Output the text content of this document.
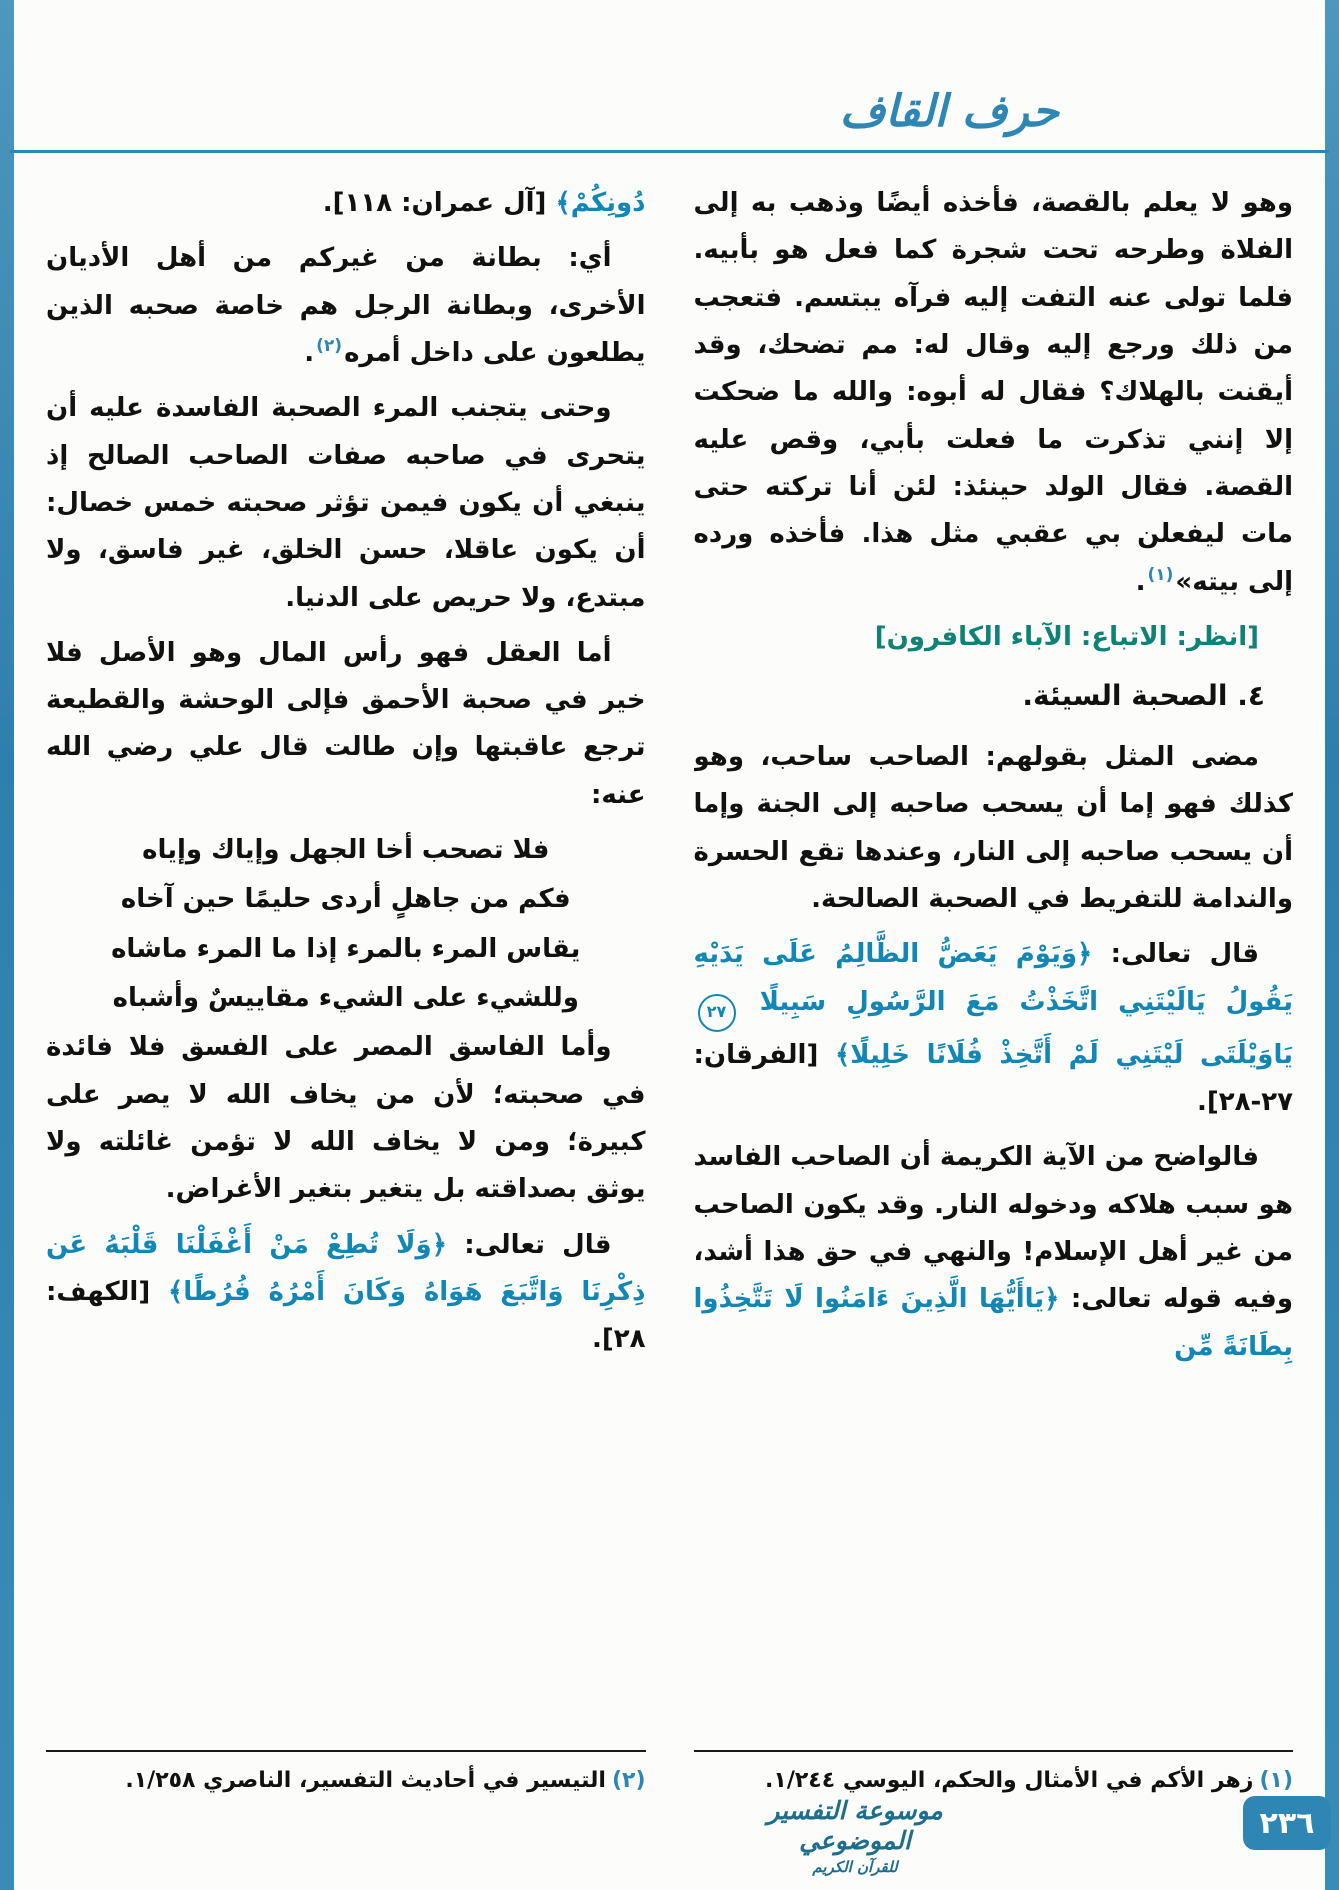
حرف القاف

وهو لا يعلم بالقصة، فأخذه أيضًا وذهب به إلى الفلاة وطرحه تحت شجرة كما فعل هو بأبيه. فلما تولى عنه التفت إليه فرآه يبتسم. فتعجب من ذلك ورجع إليه وقال له: مم تضحك، وقد أيقنت بالهلاك؟ فقال له أبوه: والله ما ضحكت إلا إنني تذكرت ما فعلت بأبي، وقص عليه القصة. فقال الولد حينئذ: لئن أنا تركته حتى مات ليفعلن بي عقبي مثل هذا. فأخذه ورده إلى بيته»$^{(١)}$.

[انظر: الاتباع: الآباء الكافرون]

٤. الصحبة السيئة.

مضى المثل بقولهم: الصاحب ساحب، وهو كذلك فهو إما أن يسحب صاحبه إلى الجنة وإما أن يسحب صاحبه إلى النار، وعندها تقع الحسرة والندامة للتفريط في الصحبة الصالحة.

قال تعالى: ﴿وَيَوْمَ يَعَضُّ الظَّالِمُ عَلَى يَدَيْهِ يَقُولُ يَالَيْتَنِي اتَّخَذْتُ مَعَ الرَّسُولِ سَبِيلًا ٢٧ يَاوَيْلَتَى لَيْتَنِي لَمْ أَتَّخِذْ فُلَانًا خَلِيلًا﴾ [الفرقان: ٢٧-٢٨].

فالواضح من الآية الكريمة أن الصاحب الفاسد هو سبب هلاكه ودخوله النار. وقد يكون الصاحب من غير أهل الإسلام! والنهي في حق هذا أشد، وفيه قوله تعالى: ﴿يَاأَيُّهَا الَّذِينَ ءَامَنُوا لَا تَتَّخِذُوا بِطَانَةً مِّن

دُونِكُمْ﴾ [آل عمران: ١١٨].

أي: بطانة من غيركم من أهل الأديان الأخرى، وبطانة الرجل هم خاصة صحبه الذين يطلعون على داخل أمره$^{(٢)}$.

وحتى يتجنب المرء الصحبة الفاسدة عليه أن يتحرى في صاحبه صفات الصاحب الصالح إذ ينبغي أن يكون فيمن تؤثر صحبته خمس خصال: أن يكون عاقلا، حسن الخلق، غير فاسق، ولا مبتدع، ولا حريص على الدنيا.

أما العقل فهو رأس المال وهو الأصل فلا خير في صحبة الأحمق فإلى الوحشة والقطيعة ترجع عاقبتها وإن طالت قال علي رضي الله عنه:

فلا تصحب أخا الجهل وإياك وإياه

فكم من جاهلٍ أردى حليمًا حين آخاه

يقاس المرء بالمرء إذا ما المرء ماشاه

وللشيء على الشيء مقاييسٌ وأشباه

وأما الفاسق المصر على الفسق فلا فائدة في صحبته؛ لأن من يخاف الله لا يصر على كبيرة؛ ومن لا يخاف الله لا تؤمن غائلته ولا يوثق بصداقته بل يتغير بتغير الأغراض.

قال تعالى: ﴿وَلَا تُطِعْ مَنْ أَغْفَلْنَا قَلْبَهُ عَن ذِكْرِنَا وَاتَّبَعَ هَوَاهُ وَكَانَ أَمْرُهُ فُرُطًا﴾ [الكهف: ٢٨].

(١)زهر الأكم في الأمثال والحكم، اليوسي ١/٢٤٤.
(٢)التيسير في أحاديث التفسير، الناصري ١/٢٥٨.
موسوعة التفسير الموضوعي
للقرآن الكريم
٢٣٦
